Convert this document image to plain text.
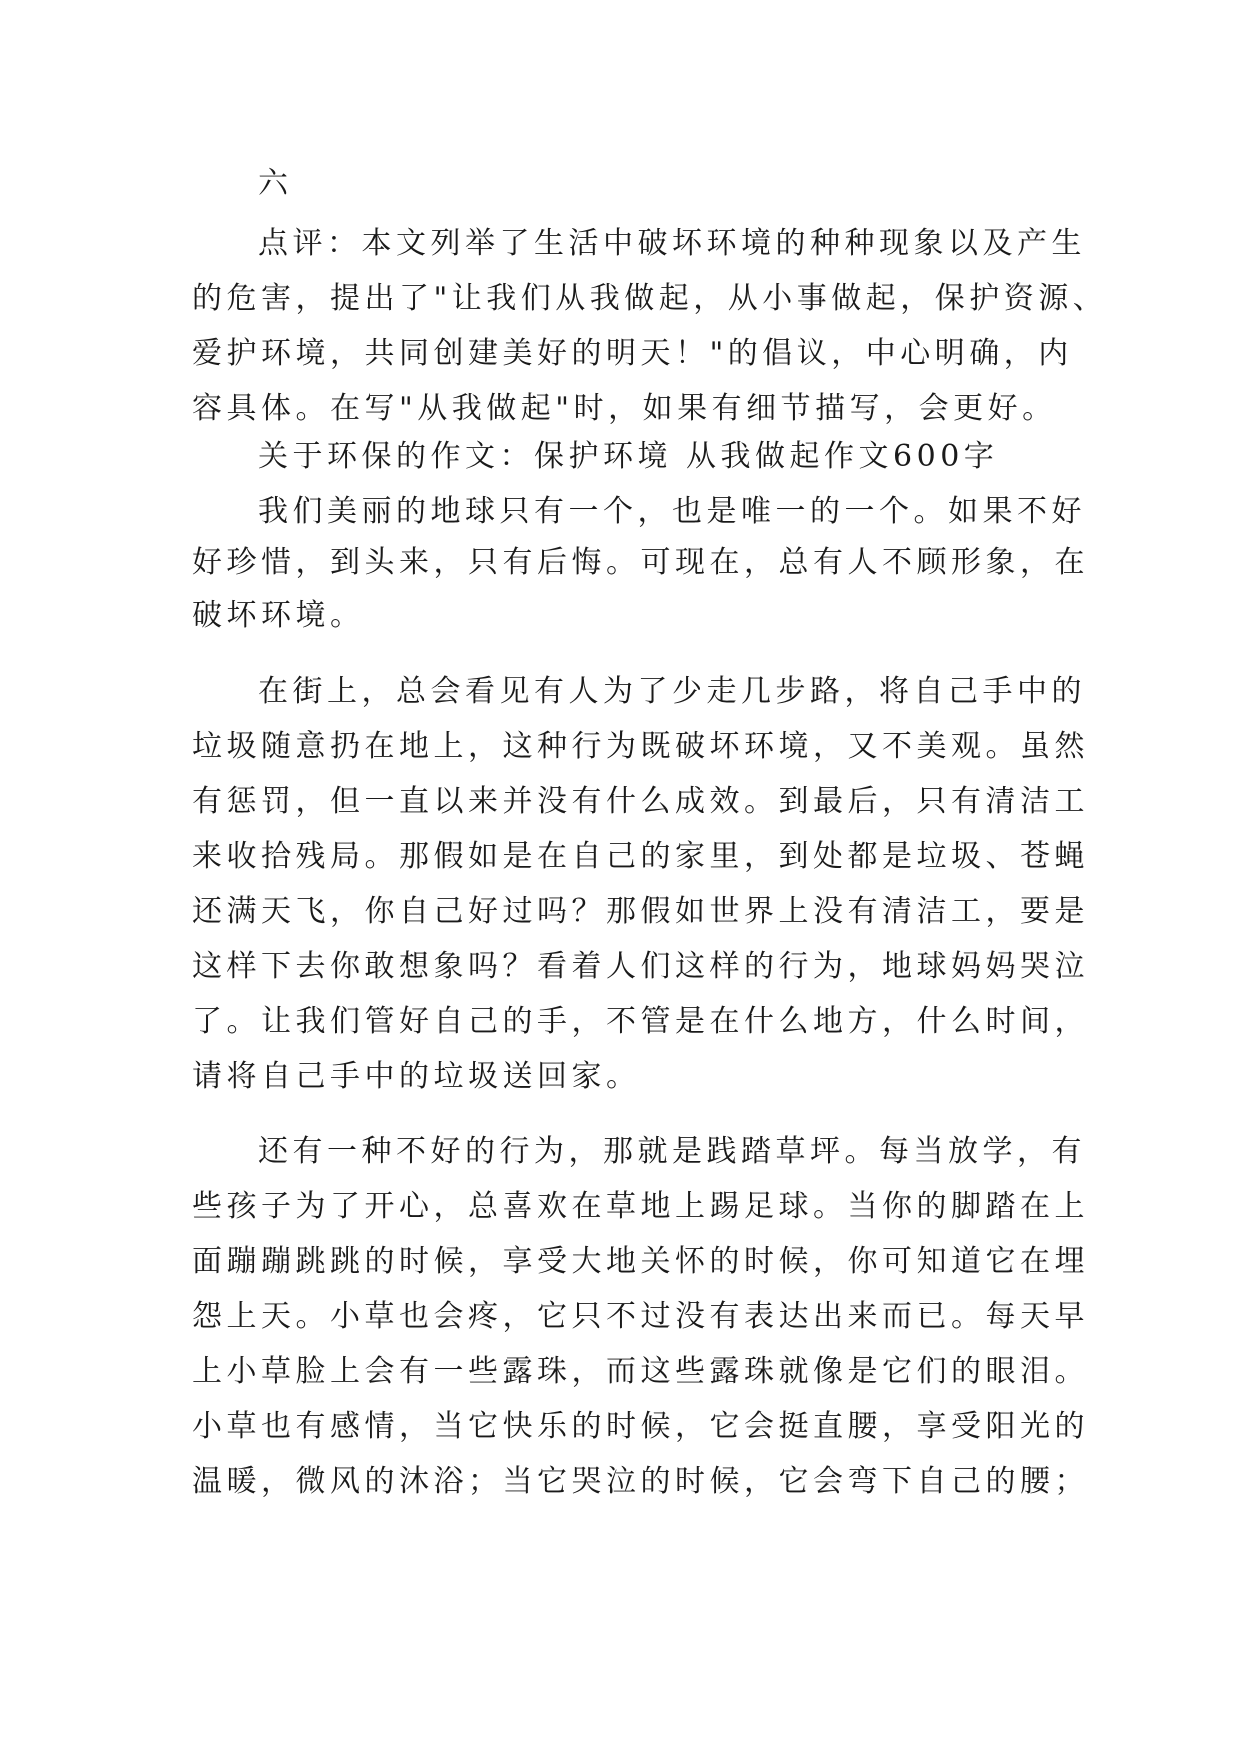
六
点评：本文列举了生活中破坏环境的种种现象以及产生
的危害，提出了"让我们从我做起，从小事做起，保护资源、
爱护环境，共同创建美好的明天！"的倡议，中心明确，内
容具体。在写"从我做起"时，如果有细节描写，会更好。
关于环保的作文：保护环境 从我做起作文600字
我们美丽的地球只有一个，也是唯一的一个。如果不好
好珍惜，到头来，只有后悔。可现在，总有人不顾形象，在
破坏环境。
在街上，总会看见有人为了少走几步路，将自己手中的
垃圾随意扔在地上，这种行为既破坏环境，又不美观。虽然
有惩罚，但一直以来并没有什么成效。到最后，只有清洁工
来收拾残局。那假如是在自己的家里，到处都是垃圾、苍蝇
还满天飞，你自己好过吗？那假如世界上没有清洁工，要是
这样下去你敢想象吗？看着人们这样的行为，地球妈妈哭泣
了。让我们管好自己的手，不管是在什么地方，什么时间，
请将自己手中的垃圾送回家。
还有一种不好的行为，那就是践踏草坪。每当放学，有
些孩子为了开心，总喜欢在草地上踢足球。当你的脚踏在上
面蹦蹦跳跳的时候，享受大地关怀的时候，你可知道它在埋
怨上天。小草也会疼，它只不过没有表达出来而已。每天早
上小草脸上会有一些露珠，而这些露珠就像是它们的眼泪。
小草也有感情，当它快乐的时候，它会挺直腰，享受阳光的
温暖，微风的沐浴；当它哭泣的时候，它会弯下自己的腰；
